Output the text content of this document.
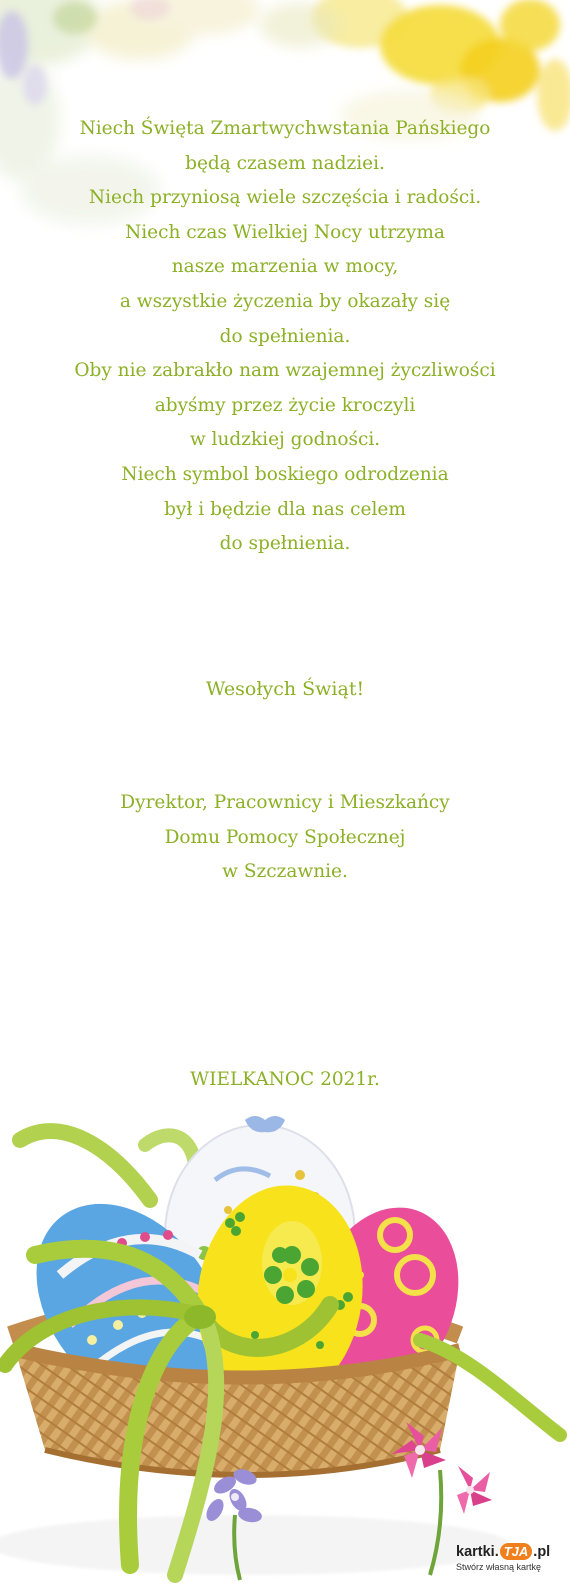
Niech Święta Zmartwychwstania Pańskiego
będą czasem nadziei.
Niech przyniosą wiele szczęścia i radości.
Niech czas Wielkiej Nocy utrzyma
nasze marzenia w mocy,
a wszystkie życzenia by okazały się
do spełnienia.
Oby nie zabrakło nam wzajemnej życzliwości
abyśmy przez życie kroczyli
w ludzkiej godności.
Niech symbol boskiego odrodzenia
był i będzie dla nas celem
do spełnienia.
Wesołych Świąt!
Dyrektor, Pracownicy i Mieszkańcy
Domu Pomocy Społecznej
w Szczawnie.
WIELKANOC 2021r.
kartki. TJA .pl
Stwórz własną kartkę
